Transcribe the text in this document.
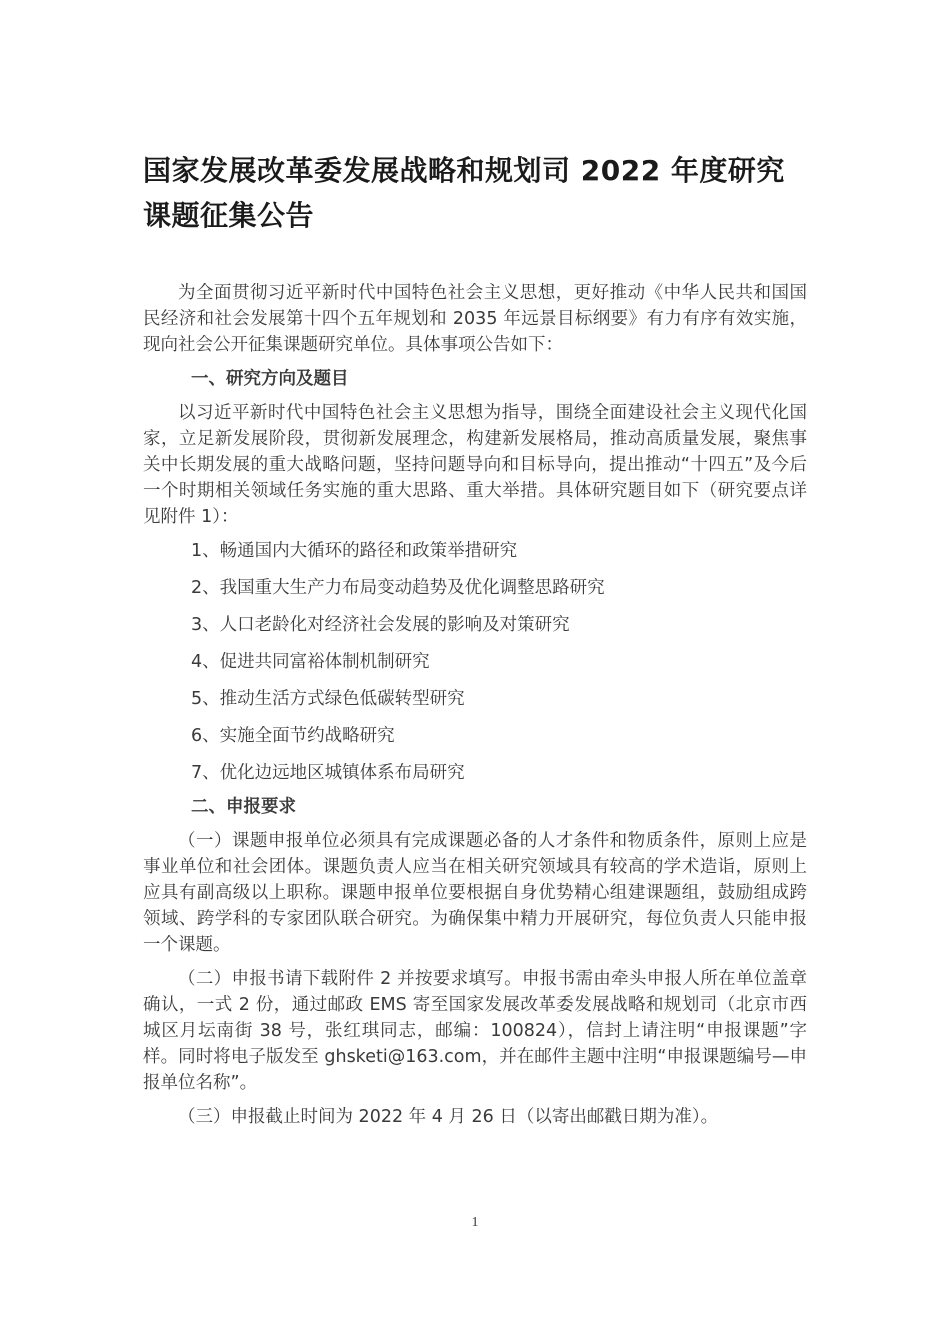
国家发展改革委发展战略和规划司 2022 年度研究课题征集公告

为全面贯彻习近平新时代中国特色社会主义思想，更好推动《中华人民共和国国民经济和社会发展第十四个五年规划和 2035 年远景目标纲要》有力有序有效实施，现向社会公开征集课题研究单位。具体事项公告如下：

一、研究方向及题目

以习近平新时代中国特色社会主义思想为指导，围绕全面建设社会主义现代化国家，立足新发展阶段，贯彻新发展理念，构建新发展格局，推动高质量发展，聚焦事关中长期发展的重大战略问题，坚持问题导向和目标导向，提出推动“十四五”及今后一个时期相关领域任务实施的重大思路、重大举措。具体研究题目如下（研究要点详见附件 1）：

1、畅通国内大循环的路径和政策举措研究
2、我国重大生产力布局变动趋势及优化调整思路研究
3、人口老龄化对经济社会发展的影响及对策研究
4、促进共同富裕体制机制研究
5、推动生活方式绿色低碳转型研究
6、实施全面节约战略研究
7、优化边远地区城镇体系布局研究
二、申报要求

（一）课题申报单位必须具有完成课题必备的人才条件和物质条件，原则上应是事业单位和社会团体。课题负责人应当在相关研究领域具有较高的学术造诣，原则上应具有副高级以上职称。课题申报单位要根据自身优势精心组建课题组，鼓励组成跨领域、跨学科的专家团队联合研究。为确保集中精力开展研究，每位负责人只能申报一个课题。

（二）申报书请下载附件 2 并按要求填写。申报书需由牵头申报人所在单位盖章确认，一式 2 份，通过邮政 EMS 寄至国家发展改革委发展战略和规划司（北京市西城区月坛南街 38 号，张红琪同志，邮编：100824），信封上请注明“申报课题”字样。同时将电子版发至 ghsketi@163.com，并在邮件主题中注明“申报课题编号—申报单位名称”。

（三）申报截止时间为 2022 年 4 月 26 日（以寄出邮戳日期为准）。

1
